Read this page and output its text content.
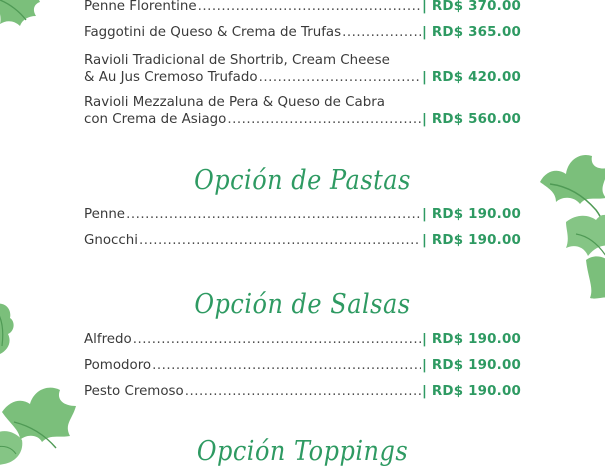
Penne Florentine .....	| RD$ 370.00
Faggotini de Queso & Crema de Trufas .....	| RD$ 365.00
Ravioli Tradicional de Shortrib, Cream Cheese
& Au Jus Cremoso Trufado .....	| RD$ 420.00
Ravioli Mezzaluna de Pera & Queso de Cabra
con Crema de Asiago .....	| RD$ 560.00
Opción de Pastas
Penne .....	| RD$ 190.00
Gnocchi .....	| RD$ 190.00
Opción de Salsas
Alfredo .....	| RD$ 190.00
Pomodoro .....	| RD$ 190.00
Pesto Cremoso .....	| RD$ 190.00
Opción Toppings
